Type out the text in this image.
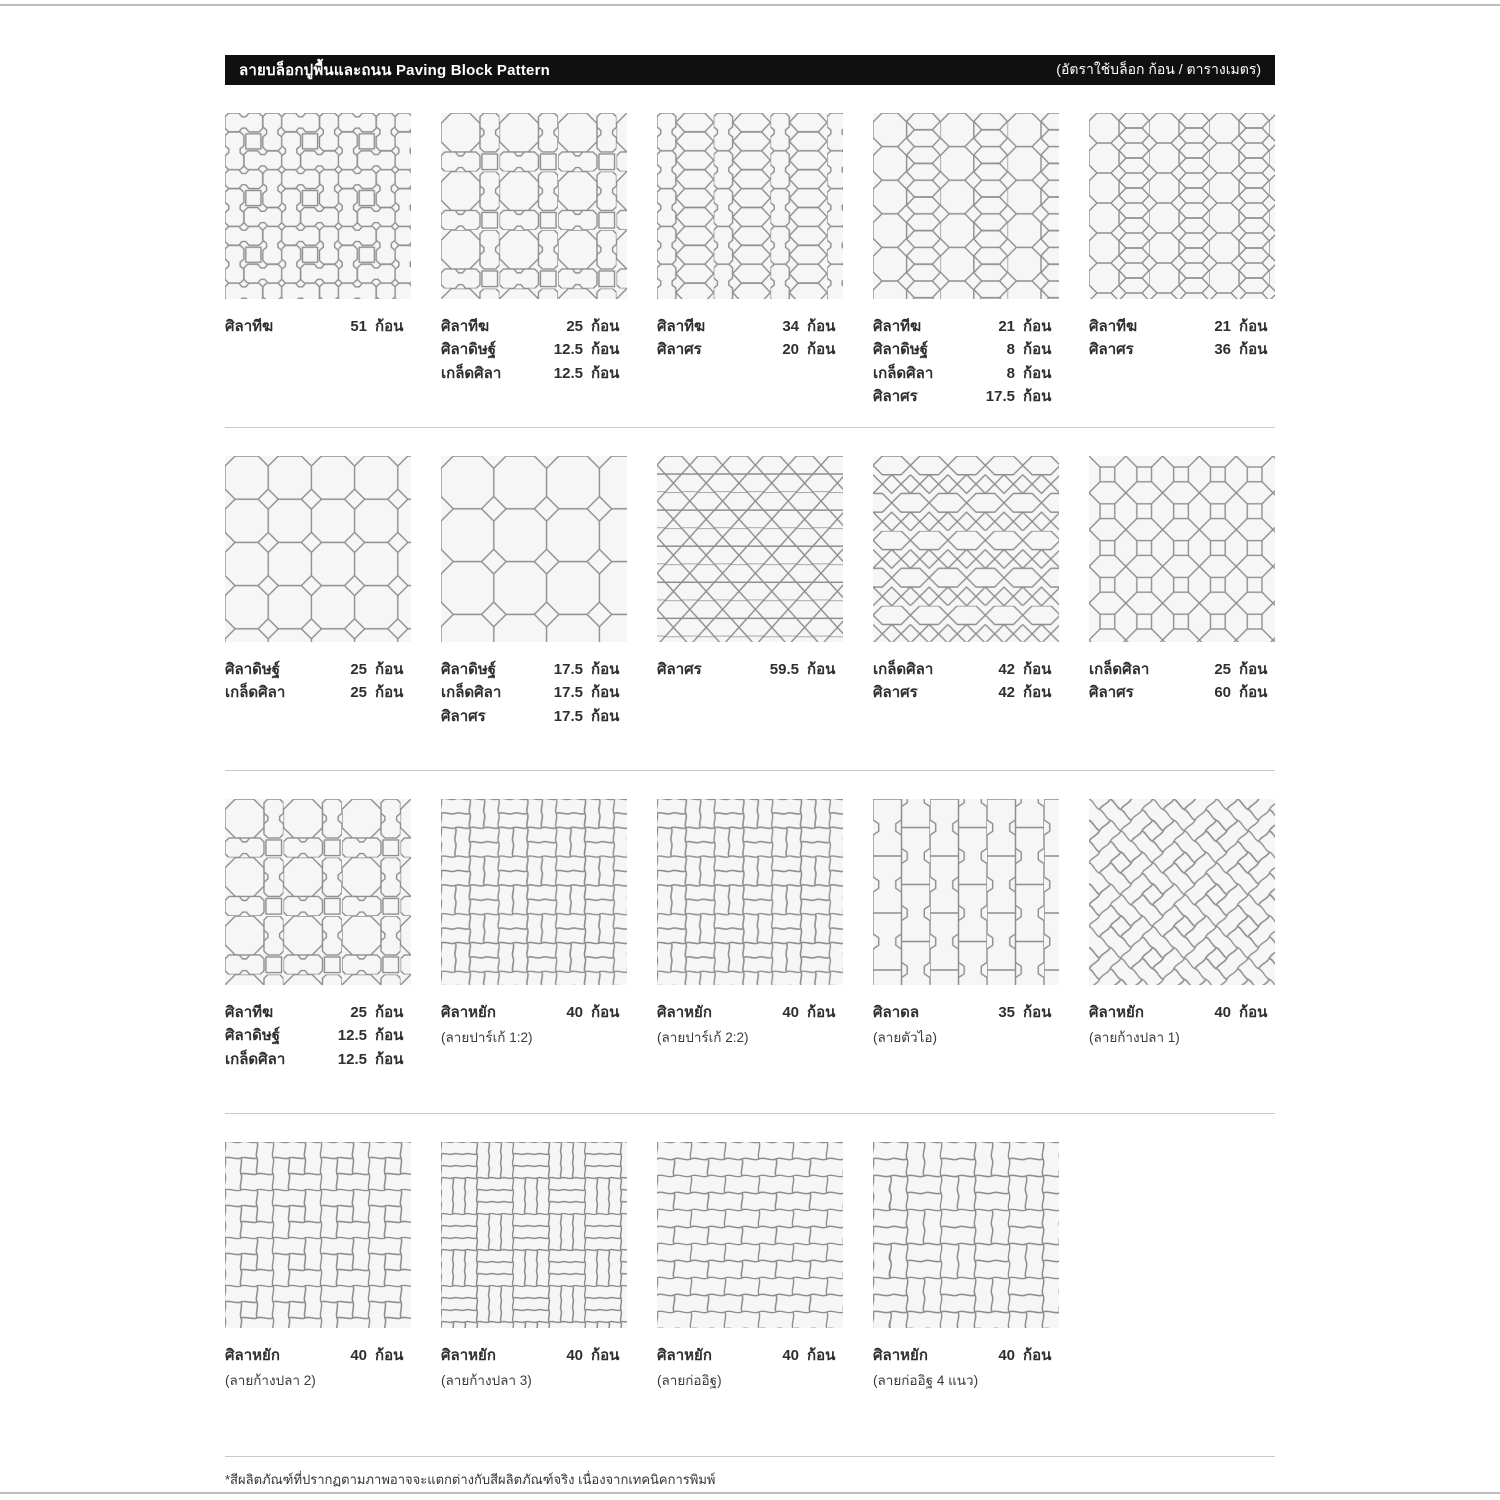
ลายบล็อกปูพื้นและถนน Paving Block Pattern	(อัตราใช้บล็อก ก้อน / ตารางเมตร)
ศิลาทีฆ	51 ก้อน	ศิลาทีฆ	25 ก้อน
ศิลาดิษฐ์	12.5 ก้อน
เกล็ดศิลา	12.5 ก้อน
ศิลาทีฆ	34 ก้อน
ศิลาศร	20 ก้อน
ศิลาทีฆ	21 ก้อน
ศิลาดิษฐ์	8 ก้อน
เกล็ดศิลา	8 ก้อน
ศิลาศร	17.5 ก้อน
ศิลาทีฆ	21 ก้อน
ศิลาศร	36 ก้อน
ศิลาดิษฐ์	25 ก้อน
เกล็ดศิลา	25 ก้อน
ศิลาดิษฐ์	17.5 ก้อน
เกล็ดศิลา	17.5 ก้อน
ศิลาศร	17.5 ก้อน
ศิลาศร	59.5 ก้อน	เกล็ดศิลา	42 ก้อน
ศิลาศร	42 ก้อน
เกล็ดศิลา	25 ก้อน
ศิลาศร	60 ก้อน
ศิลาทีฆ	25 ก้อน
ศิลาดิษฐ์	12.5 ก้อน
เกล็ดศิลา	12.5 ก้อน
ศิลาหยัก	40 ก้อน
(ลายปาร์เก้ 1:2)
ศิลาหยัก	40 ก้อน
(ลายปาร์เก้ 2:2)
ศิลาดล	35 ก้อน
(ลายตัวไอ)
ศิลาหยัก	40 ก้อน
(ลายก้างปลา 1)
ศิลาหยัก	40 ก้อน
(ลายก้างปลา 2)
ศิลาหยัก	40 ก้อน
(ลายก้างปลา 3)
ศิลาหยัก	40 ก้อน
(ลายก่ออิฐ)
ศิลาหยัก	40 ก้อน
(ลายก่ออิฐ 4 แนว)

*สีผลิตภัณฑ์ที่ปรากฏตามภาพอาจจะแตกต่างกับสีผลิตภัณฑ์จริง เนื่องจากเทคนิคการพิมพ์
